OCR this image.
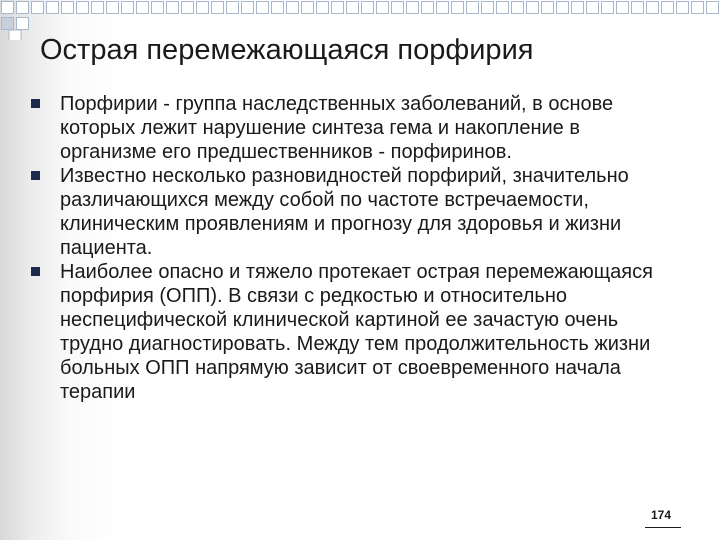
Острая перемежающаяся порфирия
Порфирии - группа наследственных заболеваний, в основе которых лежит нарушение синтеза гема и накопление в организме его предшественников - порфиринов.
Известно несколько разновидностей порфирий, значительно различающихся между собой по частоте встречаемости, клиническим проявлениям и прогнозу для здоровья и жизни пациента.
Наиболее опасно и тяжело протекает острая перемежающаяся порфирия (ОПП). В связи с редкостью и относительно неспецифической клинической картиной ее зачастую очень трудно диагностировать. Между тем продолжительность жизни больных ОПП напрямую зависит от своевременного начала терапии
174
